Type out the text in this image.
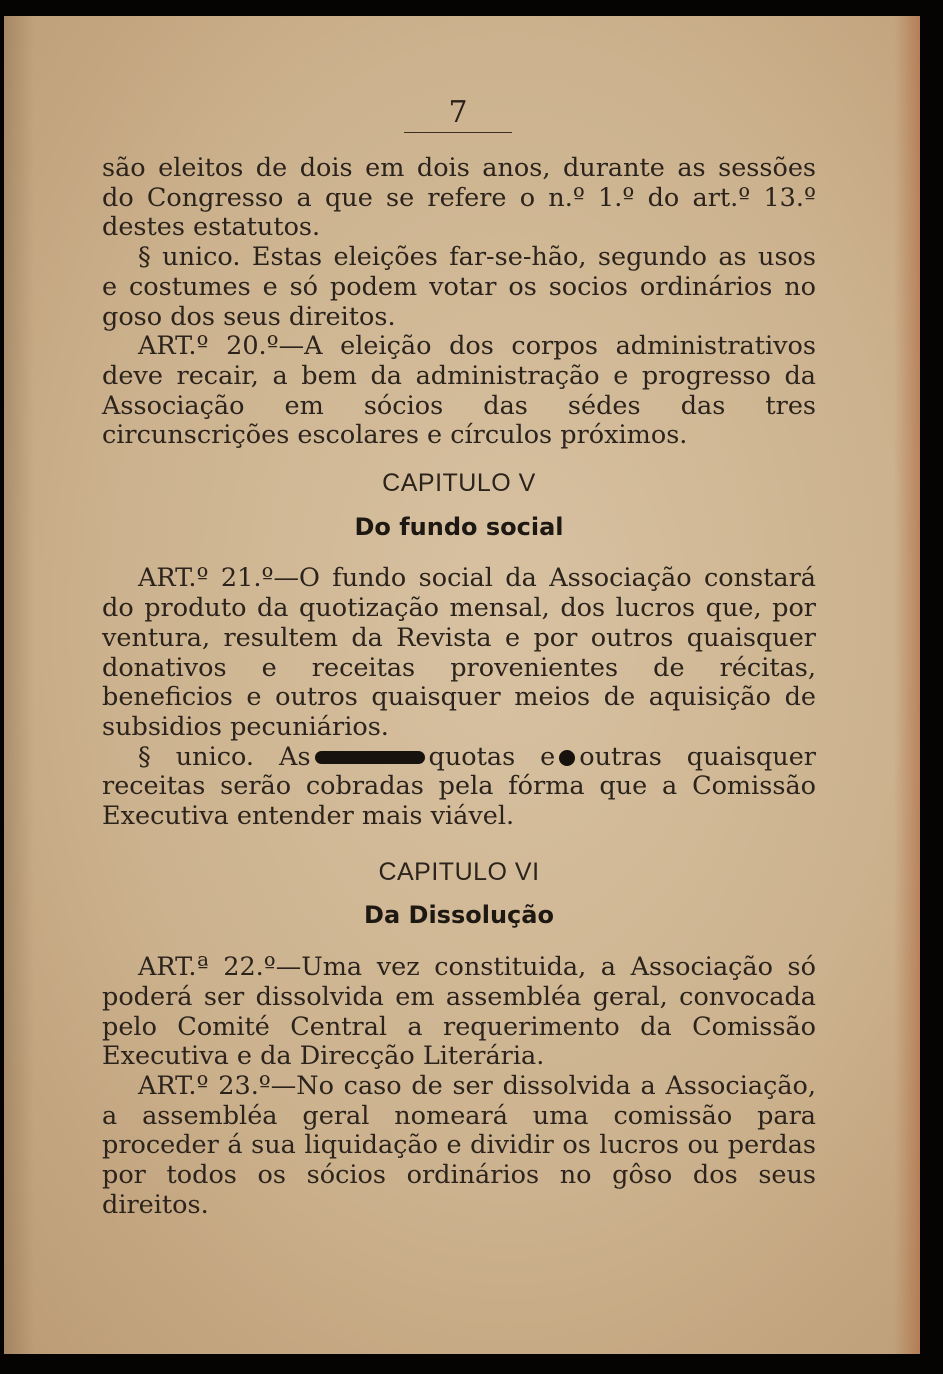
7

são eleitos de dois em dois anos, durante as sessões do Congresso a que se refere o n.º 1.º do art.º 13.º destes estatutos.

§ unico. Estas eleições far-se-hão, segundo as usos e costumes e só podem votar os socios ordinários no goso dos seus direitos.

ART.º 20.º—A eleição dos corpos administrativos deve recair, a bem da administração e progresso da Associação em sócios das sédes das tres circunscrições escolares e círculos próximos.

CAPITULO V
Do fundo social

ART.º 21.º—O fundo social da Associação constará do produto da quotização mensal, dos lucros que, por ventura, resultem da Revista e por outros quaisquer donativos e receitas provenientes de récitas, beneficios e outros quaisquer meios de aquisição de subsidios pecuniários.

§ unico. As	quotas e outras quaisquer receitas serão cobradas pela fórma que a Comissão Executiva entender mais viável.

CAPITULO VI
Da Dissolução

ART.ª 22.º—Uma vez constituida, a Associação só poderá ser dissolvida em assembléa geral, convocada pelo Comité Central a requerimento da Comissão Executiva e da Direcção Literária.

ART.º 23.º—No caso de ser dissolvida a Associação, a assembléa geral nomeará uma comissão para proceder á sua liquidação e dividir os lucros ou perdas por todos os sócios ordinários no gôso dos seus direitos.
